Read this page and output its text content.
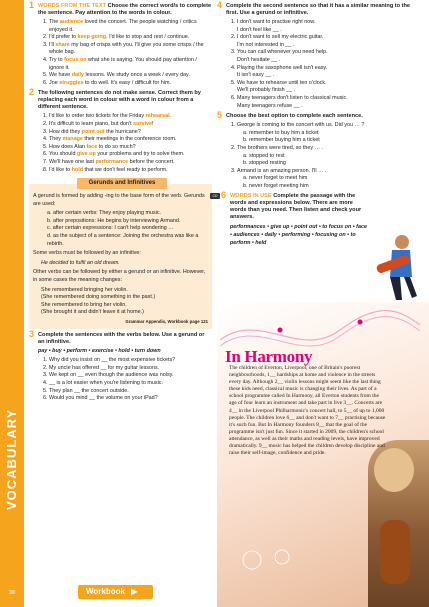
VOCABULARY
30
1 WORDS FROM THE TEXT Choose the correct word/s to complete the sentence. Pay attention to the words in colour.
1. The audience loved the concert. The people watching / critics enjoyed it.
2. I'd prefer to keep going. I'd like to stop and rest / continue.
3. I'll share my bag of crisps with you. I'll give you some crisps / the whole bag.
4. Try to focus on what she is saying. You should pay attention / ignore it.
5. We have daily lessons. We study once a week / every day.
6. Joe struggles to do well. It's easy / difficult for him.
2 The following sentences do not make sense. Correct them by replacing each word in colour with a word in colour from a different sentence.
1. I'd like to order two tickets for the Friday rehearsal.
2. It's difficult to learn piano, but don't survive!
3. How did they point out the hurricane?
4. They manage their meetings in the conference room.
5. How does Alan face to do so much?
6. You should give up your problems and try to solve them.
7. We'll have one last performance before the concert.
8. I'd like to hold that we don't feel ready to perform.
Gerunds and Infinitives

A gerund is formed by adding -ing to the base form of the verb. Gerunds are used:

a. after certain verbs: They enjoy playing music.
b. after prepositions: He begins by interviewing Armand.
c. after certain expressions: I can't help wondering …
d. as the subject of a sentence: Joining the orchestra was like a rebirth.

Some verbs must be followed by an infinitive:

He decided to fulfil an old dream.

Other verbs can be followed by either a gerund or an infinitive. However, in some cases the meaning changes:

She remembered bringing her violin.
(She remembered doing something in the past.)
She remembered to bring her violin.
(She brought it and didn't leave it at home.)
Grammar Appendix, Workbook page 121
3 Complete the sentences with the verbs below. Use a gerund or an infinitive.
pay • buy • perform • exercise • hold • turn down
1. Why did you insist on __ the most expensive tickets?
2. My uncle has offered __ for my guitar lessons.
3. We kept on __ even though the audience was noisy.
4. __ is a lot easier when you're listening to music.
5. They plan __ the concert outside.
6. Would you mind __ the volume on your iPad?
4 Complete the second sentence so that it has a similar meaning to the first. Use a gerund or infinitive.
1. I don't want to practise right now.
I don't feel like __ .
2. I don't want to sell my electric guitar.
I'm not interested in __ .
3. You can call whenever you need help.
Don't hesitate __ .
4. Playing the saxophone well isn't easy.
It isn't easy __ .
5. We have to rehearse until ten o'clock.
We'll probably finish __ .
6. Many teenagers don't listen to classical music.
Many teenagers refuse __ .
5 Choose the best option to complete each sentence.
1. George is coming to the concert with us. Did you … ?
a. remember to buy him a ticket
b. remember buying him a ticket
2. The brothers were tired, so they … .
a. stopped to rest
b. stopped resting
3. Armand is an amazing person. I'll … .
a. never forget to meet him
b. never forget meeting him
CD 1.17
6 WORDS IN USE Complete the passage with the words and expressions below. There are more words than you need. Then listen and check your answers.
performances • give up • point out • to focus on • face • audiences • daily • performing • focusing on • to perform • held
In Harmony
The children of Everton, Liverpool, one of Britain's poorest neighbourhoods, 1__ hardships at home and violence in the streets every day. Although 2__ violin lessons might seem like the last thing these kids need, classical music is changing their lives. As part of a school programme called In Harmony, all Everton students from the age of four learn an instrument and take part in live 3__. Concerts are 4__ in the Liverpool Philharmonic's concert hall, to 5__ of up to 1,000 people. The children love 6__ and don't want to 7__ practising because it's such fun. But In Harmony founders 8__ that the goal of the programme isn't just fun. Since it started in 2009, the children's school attendance, as well as their maths and reading levels, have improved dramatically. 9__ music has helped the children develop discipline and raise their self-image, confidence and pride.
Workbook ▶
